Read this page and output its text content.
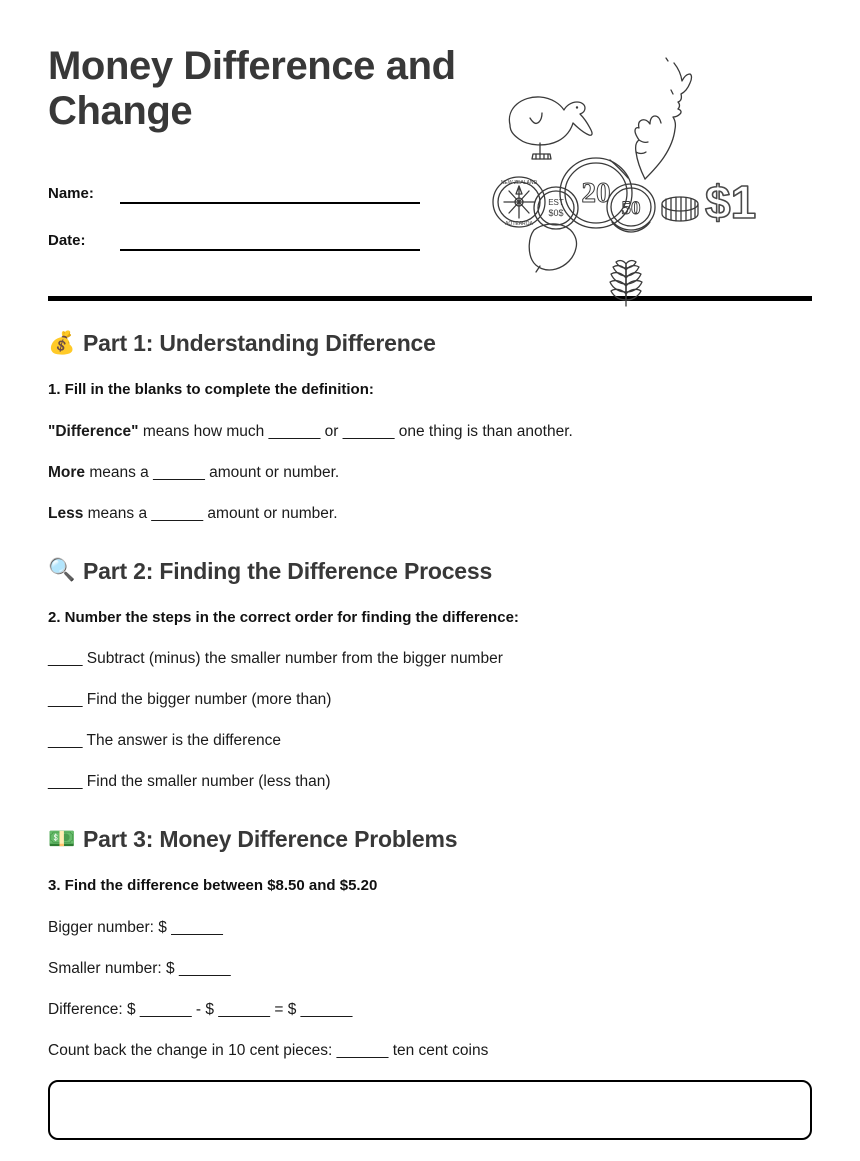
Money Difference and Change
Name:
Date:
50
20
EST
$0$
NEW ZEALAND
AOTEAROA	$1
💰 Part 1: Understanding Difference

1. Fill in the blanks to complete the definition:

"Difference" means how much ______ or ______ one thing is than another.

More means a ______ amount or number.

Less means a ______ amount or number.

🔍 Part 2: Finding the Difference Process

2. Number the steps in the correct order for finding the difference:

____ Subtract (minus) the smaller number from the bigger number

____ Find the bigger number (more than)

____ The answer is the difference

____ Find the smaller number (less than)

💵 Part 3: Money Difference Problems

3. Find the difference between $8.50 and $5.20

Bigger number: $ ______

Smaller number: $ ______

Difference: $ ______ - $ ______ = $ ______

Count back the change in 10 cent pieces: ______ ten cent coins
